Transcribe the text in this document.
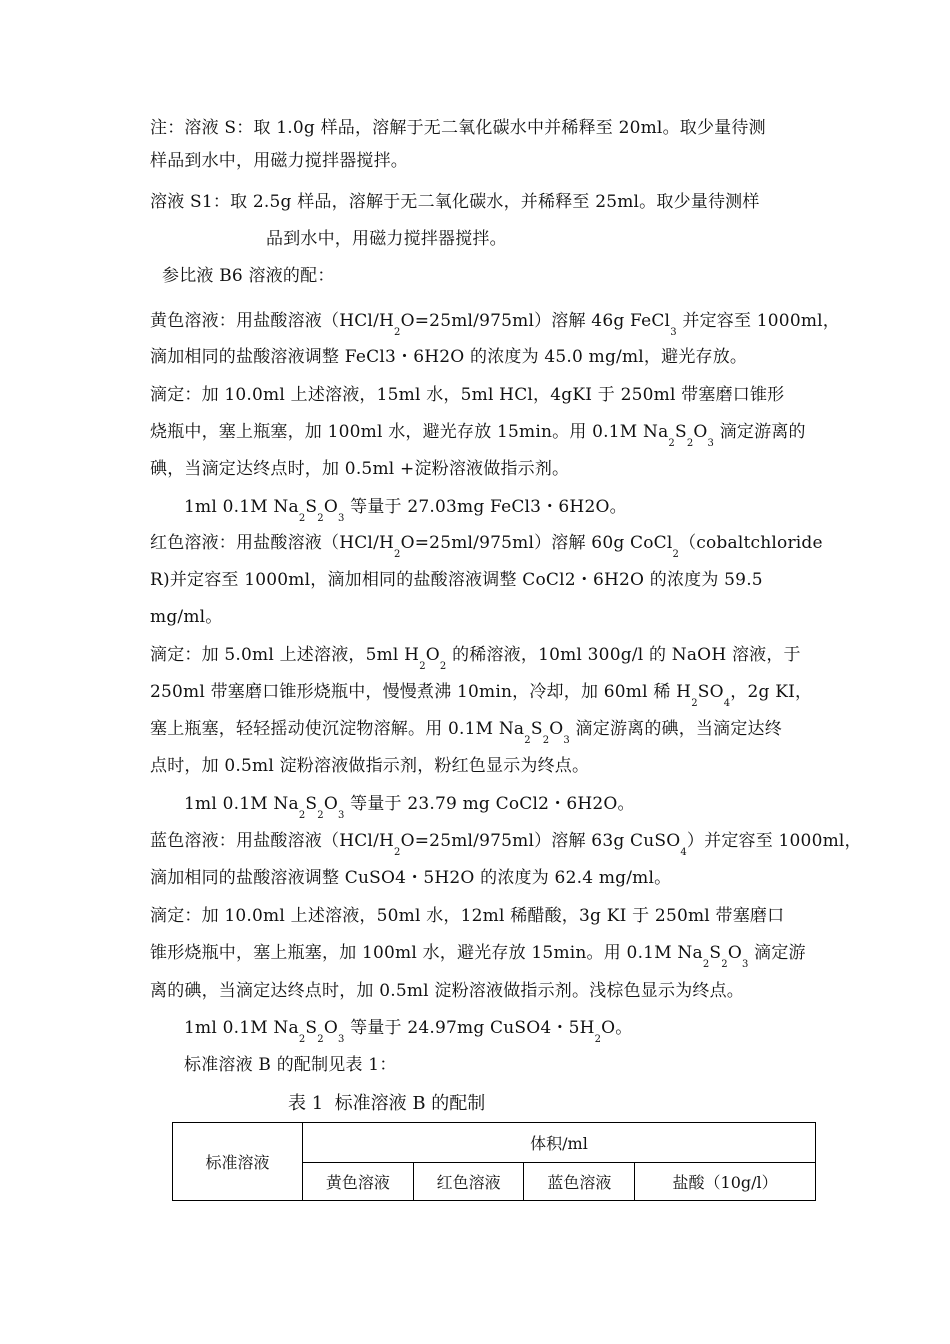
注：溶液 S：取 1.0g 样品，溶解于无二氧化碳水中并稀释至 20ml。取少量待测
样品到水中，用磁力搅拌器搅拌。
溶液 S1：取 2.5g 样品，溶解于无二氧化碳水，并稀释至 25ml。取少量待测样
品到水中，用磁力搅拌器搅拌。
参比液 B6 溶液的配：
黄色溶液：用盐酸溶液$(HCl/H_2O=25ml/975ml)$溶解 46g FeCl$_3$ 并定容至 1000ml，
滴加相同的盐酸溶液调整 FeCl3・6H2O 的浓度为 45.0 mg/ml，避光存放。
滴定：加 10.0ml 上述溶液，15ml 水，5ml HCl，4gKI 于 250ml 带塞磨口锥形
烧瓶中，塞上瓶塞，加 100ml 水，避光存放 15min。用 0.1M $Na_2S_2O_3$ 滴定游离的
碘，当滴定达终点时，加 0.5ml +淀粉溶液做指示剂。
1ml 0.1M $Na_2S_2O_3$ 等量于 27.03mg FeCl3・6H2O。
红色溶液：用盐酸溶液$(HCl/H_2O=25ml/975ml)$溶解 60g CoCl$_2$（cobaltchloride
R)并定容至 1000ml，滴加相同的盐酸溶液调整 CoCl2・6H2O 的浓度为 59.5
mg/ml。
滴定：加 5.0ml 上述溶液，5ml $H_2O_2$ 的稀溶液，10ml 300g/l 的 NaOH 溶液，于
250ml 带塞磨口锥形烧瓶中，慢慢煮沸 10min，冷却，加 60ml 稀 $H_2SO_4$，2g KI，
塞上瓶塞，轻轻摇动使沉淀物溶解。用 0.1M $Na_2S_2O_3$ 滴定游离的碘，当滴定达终
点时，加 0.5ml 淀粉溶液做指示剂，粉红色显示为终点。
1ml 0.1M $Na_2S_2O_3$ 等量于 23.79 mg CoCl2・6H2O。
蓝色溶液：用盐酸溶液$(HCl/H_2O=25ml/975ml)$溶解 63g CuSO$_4$）并定容至 1000ml，
滴加相同的盐酸溶液调整 CuSO4・5H2O 的浓度为 62.4 mg/ml。
滴定：加 10.0ml 上述溶液，50ml 水，12ml 稀醋酸，3g KI 于 250ml 带塞磨口
锥形烧瓶中，塞上瓶塞，加 100ml 水，避光存放 15min。用 0.1M $Na_2S_2O_3$ 滴定游
离的碘，当滴定达终点时，加 0.5ml 淀粉溶液做指示剂。浅棕色显示为终点。
1ml 0.1M $Na_2S_2O_3$ 等量于 24.97mg CuSO4・$5H_2O$。
标准溶液 B 的配制见表 1：
表 1  标准溶液 B 的配制
标准溶液	体积/ml			
	黄色溶液	红色溶液	蓝色溶液	盐酸（10g/l）
